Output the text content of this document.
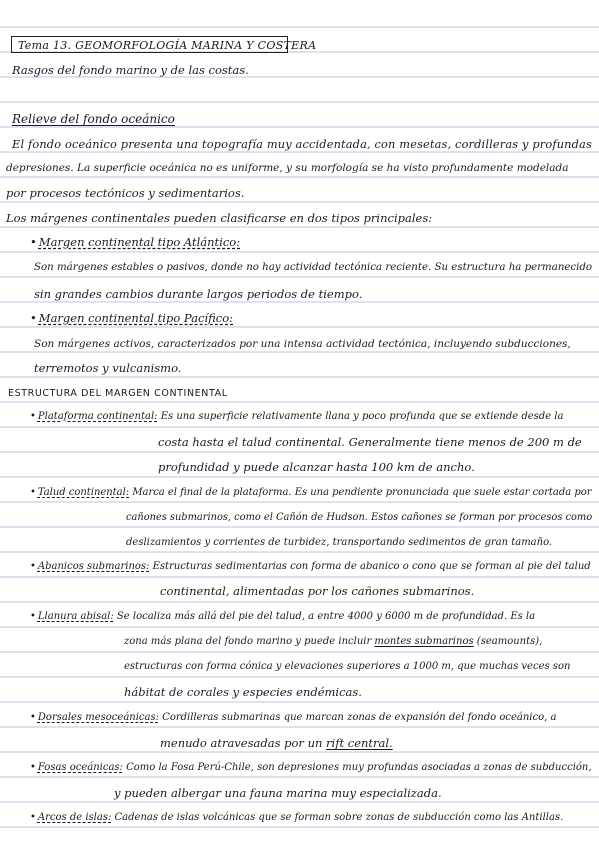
Tema 13. GEOMORFOLOGÍA MARINA Y COSTERA
Rasgos del fondo marino y de las costas.
Relieve del fondo oceánico
El fondo oceánico presenta una topografía muy accidentada, con mesetas, cordilleras y profundas
depresiones. La superficie oceánica no es uniforme, y su morfología se ha visto profundamente modelada
por procesos tectónicos y sedimentarios.
Los márgenes continentales pueden clasificarse en dos tipos principales:
• Margen continental tipo Atlántico:
Son márgenes estables o pasivos, donde no hay actividad tectónica reciente. Su estructura ha permanecido
sin grandes cambios durante largos periodos de tiempo.
• Margen continental tipo Pacífico:
Son márgenes activos, caracterizados por una intensa actividad tectónica, incluyendo subducciones,
terremotos y vulcanismo.
ESTRUCTURA DEL MARGEN CONTINENTAL
• Plataforma continental: Es una superficie relativamente llana y poco profunda que se extiende desde la
costa hasta el talud continental. Generalmente tiene menos de 200 m de
profundidad y puede alcanzar hasta 100 km de ancho.
• Talud continental: Marca el final de la plataforma. Es una pendiente pronunciada que suele estar cortada por
cañones submarinos, como el Cañón de Hudson. Estos cañones se forman por procesos como
deslizamientos y corrientes de turbidez, transportando sedimentos de gran tamaño.
• Abanicos submarinos: Estructuras sedimentarias con forma de abanico o cono que se forman al pie del talud
continental, alimentadas por los cañones submarinos.
• Llanura abisal: Se localiza más allá del pie del talud, a entre 4000 y 6000 m de profundidad. Es la
zona más plana del fondo marino y puede incluir montes submarinos (seamounts),
estructuras con forma cónica y elevaciones superiores a 1000 m, que muchas veces son
hábitat de corales y especies endémicas.
• Dorsales mesoceánicas: Cordilleras submarinas que marcan zonas de expansión del fondo oceánico, a
menudo atravesadas por un rift central.
• Fosas oceánicas: Como la Fosa Perú-Chile, son depresiones muy profundas asociadas a zonas de subducción,
y pueden albergar una fauna marina muy especializada.
• Arcos de islas: Cadenas de islas volcánicas que se forman sobre zonas de subducción como las Antillas.
